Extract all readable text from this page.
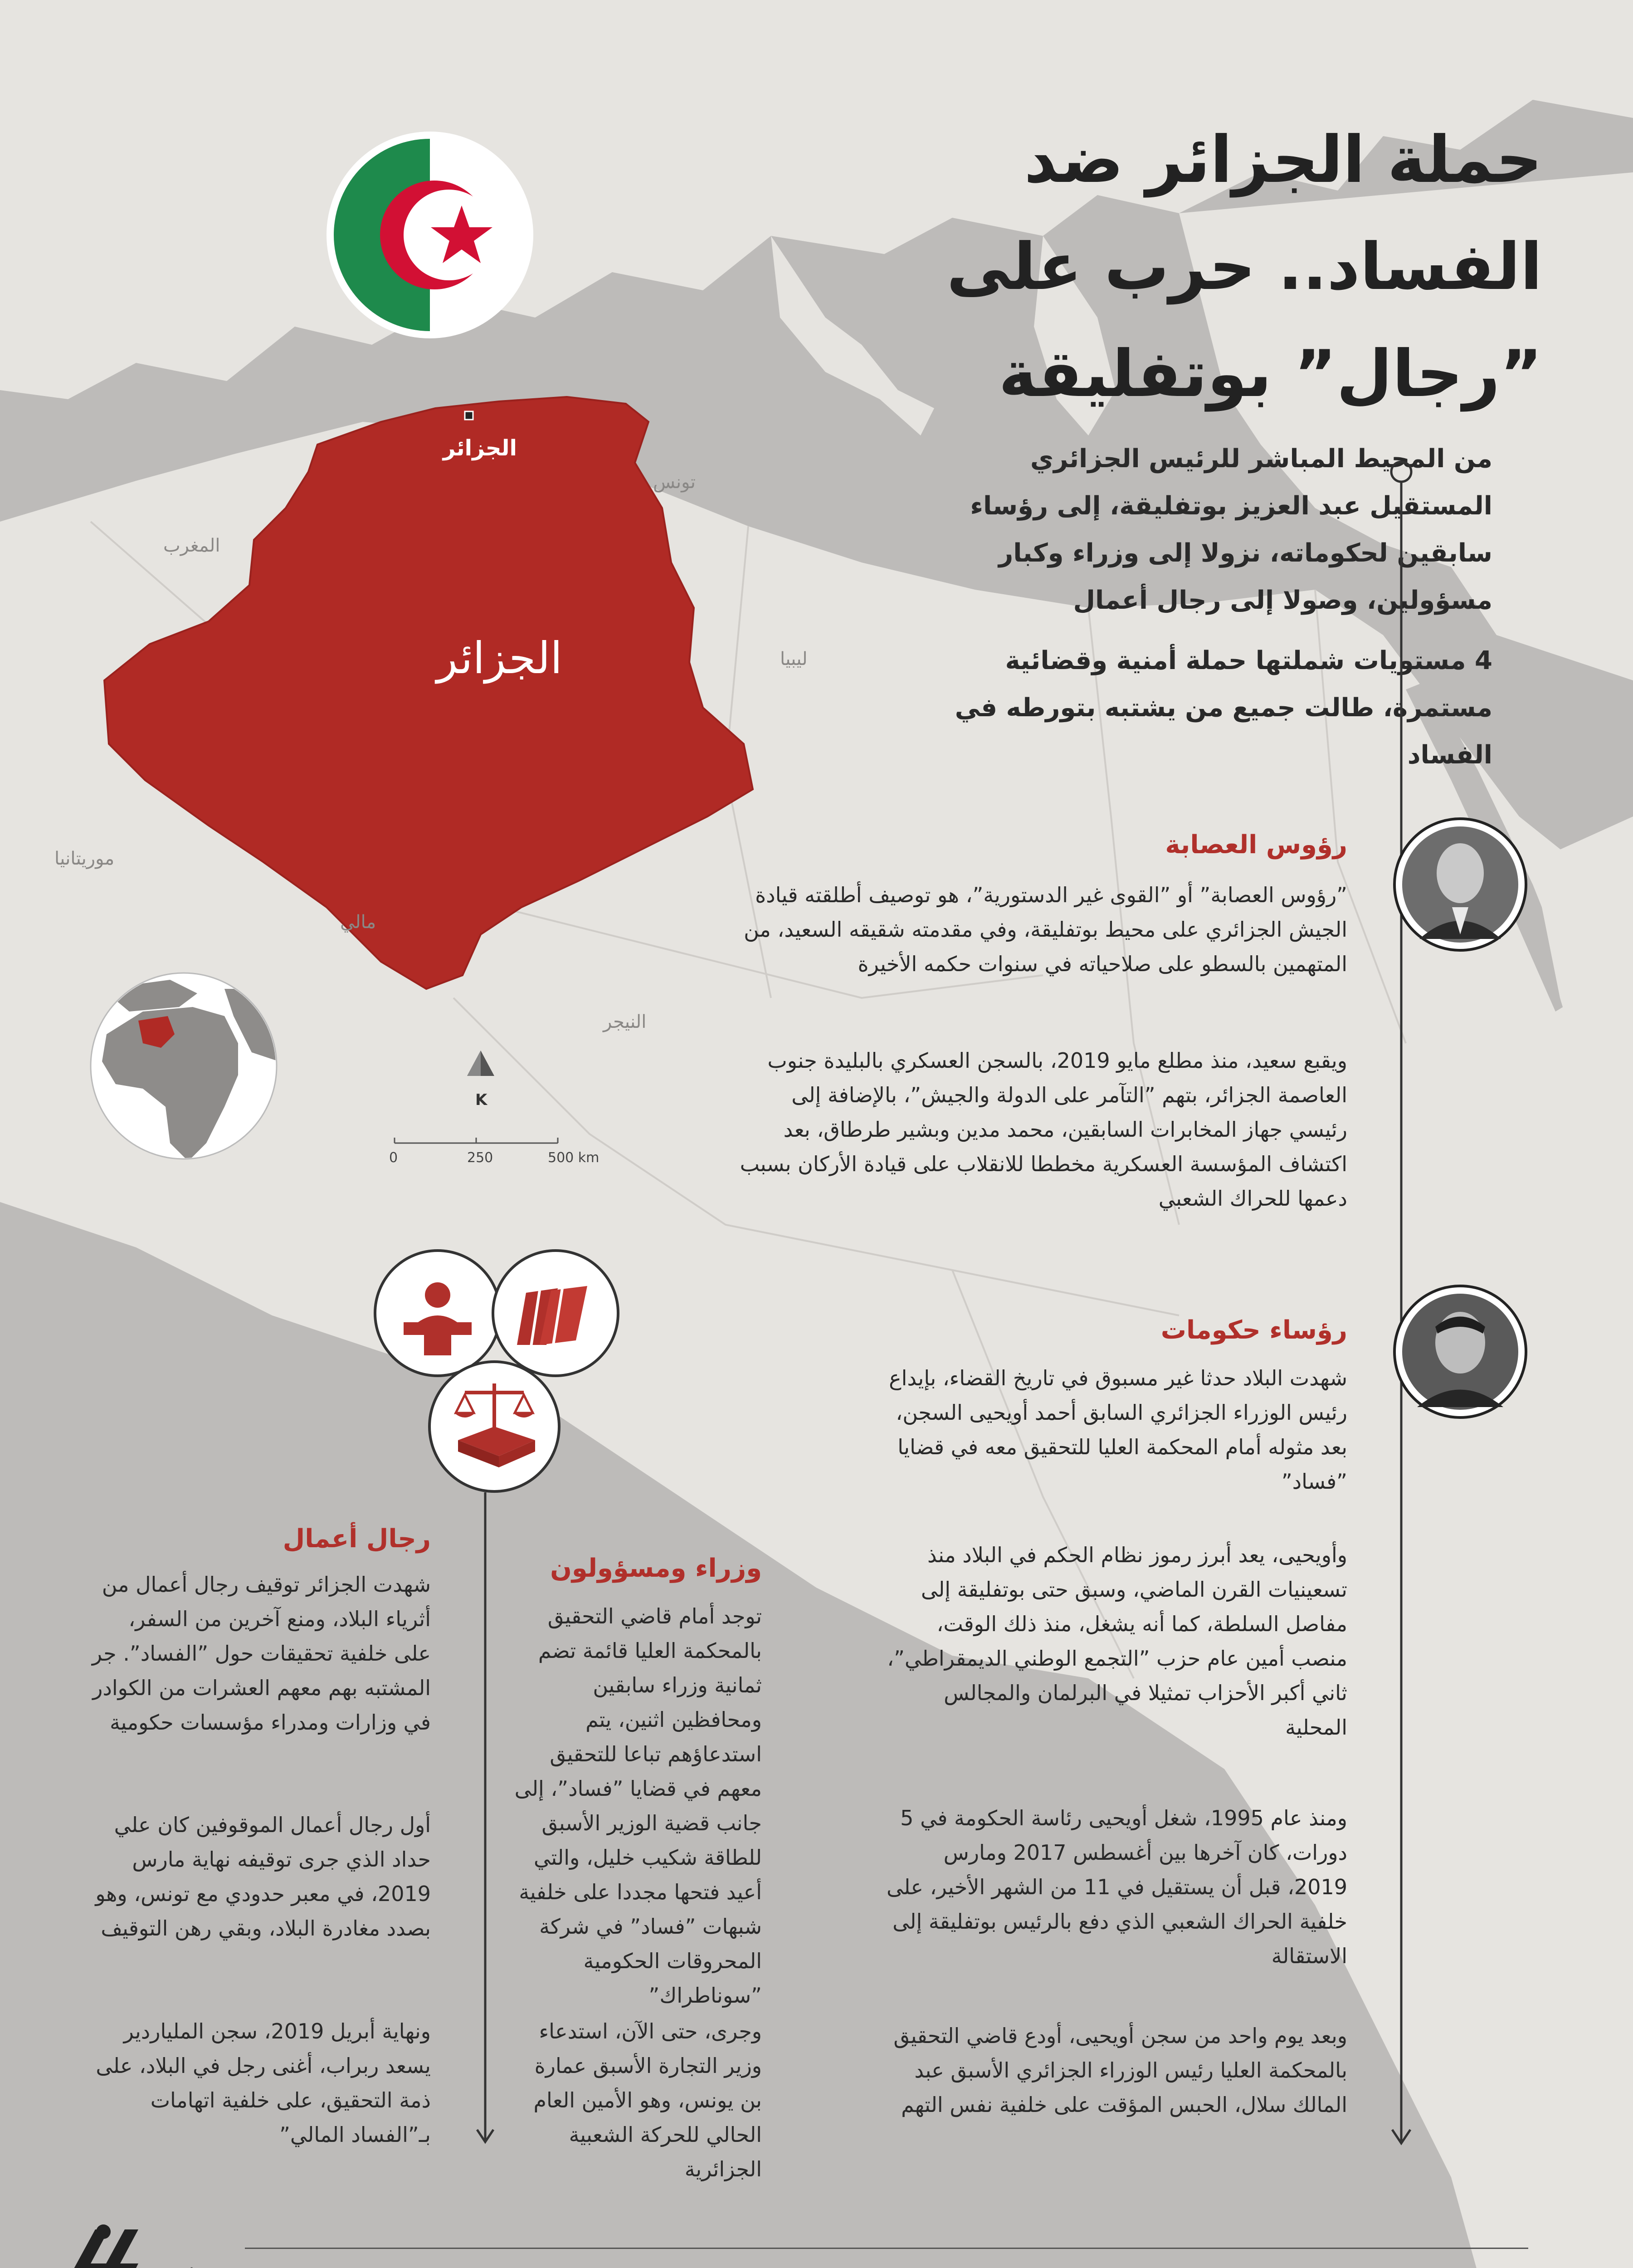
الجزائر
الجزائر
تونس
المغرب
ليبيا
موريتانيا
مالي
النيجر
K
0	250	500 km
حملة الجزائر ضد
الفساد.. حرب على
”رجال” بوتفليقة
من المحيط المباشر للرئيس الجزائري المستقيل عبد العزيز بوتفليقة، إلى رؤساء سابقين لحكوماته، نزولا إلى وزراء وكبار مسؤولين، وصولا إلى رجال أعمال
4 مستويات شملتها حملة أمنية وقضائية مستمرة، طالت جميع من يشتبه بتورطه في الفساد
رؤوس العصابة
”رؤوس العصابة” أو ”القوى غير الدستورية”، هو توصيف أطلقته قيادة الجيش الجزائري على محيط بوتفليقة، وفي مقدمته شقيقه السعيد، من المتهمين بالسطو على صلاحياته في سنوات حكمه الأخيرة
ويقبع سعيد، منذ مطلع مايو 2019، بالسجن العسكري بالبليدة جنوب العاصمة الجزائر، بتهم ”التآمر على الدولة والجيش”، بالإضافة إلى رئيسي جهاز المخابرات السابقين، محمد مدين وبشير طرطاق، بعد اكتشاف المؤسسة العسكرية مخططا للانقلاب على قيادة الأركان بسبب دعمها للحراك الشعبي
رؤساء حكومات
شهدت البلاد حدثا غير مسبوق في تاريخ القضاء، بإيداع رئيس الوزراء الجزائري السابق أحمد أويحيى السجن، بعد مثوله أمام المحكمة العليا للتحقيق معه في قضايا ”فساد”
وأويحيى، يعد أبرز رموز نظام الحكم في البلاد منذ تسعينيات القرن الماضي، وسبق حتى بوتفليقة إلى مفاصل السلطة، كما أنه يشغل، منذ ذلك الوقت، منصب أمين عام حزب ”التجمع الوطني الديمقراطي”، ثاني أكبر الأحزاب تمثيلا في البرلمان والمجالس المحلية
ومنذ عام 1995، شغل أويحيى رئاسة الحكومة في 5 دورات، كان آخرها بين أغسطس 2017 ومارس 2019، قبل أن يستقيل في 11 من الشهر الأخير، على خلفية الحراك الشعبي الذي دفع بالرئيس بوتفليقة إلى الاستقالة
وبعد يوم واحد من سجن أويحيى، أودع قاضي التحقيق بالمحكمة العليا رئيس الوزراء الجزائري الأسبق عبد المالك سلال، الحبس المؤقت على خلفية نفس التهم
وزراء ومسؤولون
توجد أمام قاضي التحقيق بالمحكمة العليا قائمة تضم ثمانية وزراء سابقين ومحافظين اثنين، يتم استدعاؤهم تباعا للتحقيق معهم في قضايا ”فساد”، إلى جانب قضية الوزير الأسبق للطاقة شكيب خليل، والتي أعيد فتحها مجددا على خلفية شبهات ”فساد” في شركة المحروقات الحكومية ”سوناطراك”
وجرى، حتى الآن، استدعاء وزير التجارة الأسبق عمارة بن يونس، وهو الأمين العام الحالي للحركة الشعبية الجزائرية
رجال أعمال
شهدت الجزائر توقيف رجال أعمال من أثرياء البلاد، ومنع آخرين من السفر، على خلفية تحقيقات حول ”الفساد”. جر المشتبه بهم معهم العشرات من الكوادر في وزارات ومدراء مؤسسات حكومية
أول رجال أعمال الموقوفين كان علي حداد الذي جرى توقيفه نهاية مارس 2019، في معبر حدودي مع تونس، وهو بصدد مغادرة البلاد، وبقي رهن التوقيف
ونهاية أبريل 2019، سجن الملياردير يسعد ربراب، أغنى رجل في البلاد، على ذمة التحقيق، على خلفية اتهامات بـ”الفساد المالي”
